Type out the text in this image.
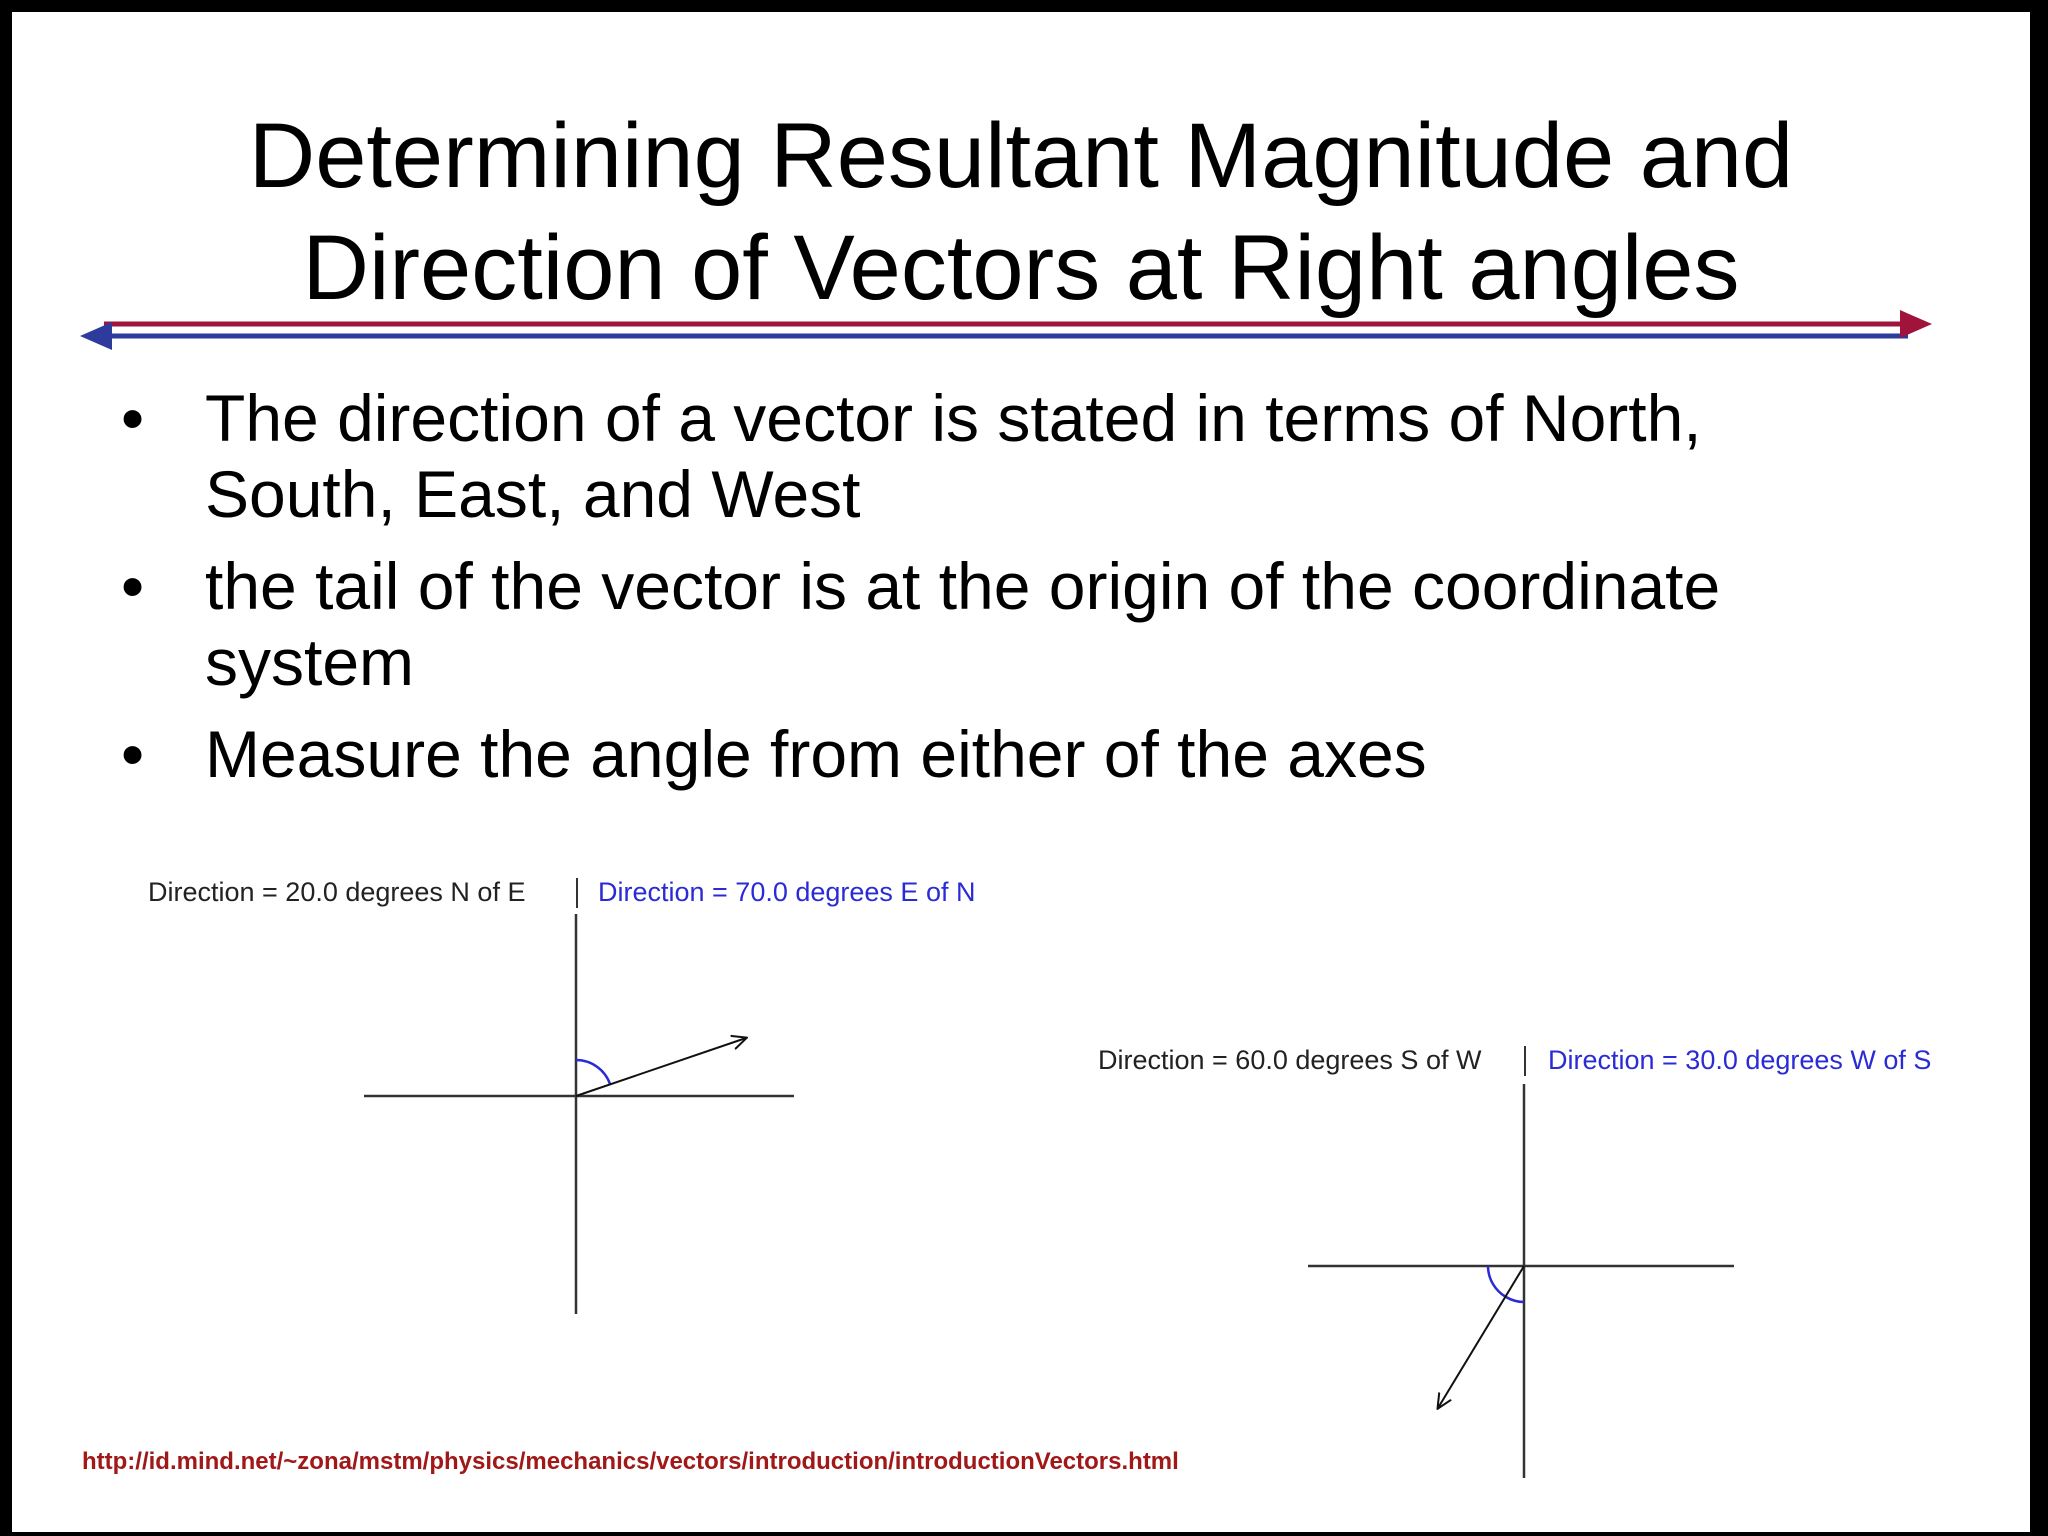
Determining Resultant Magnitude and
Direction of Vectors at Right angles
• The direction of a vector is stated in terms of North,
South, East, and West
• the tail of the vector is at the origin of the coordinate
system
• Measure the angle from either of the axes
Direction = 20.0 degrees N of E	Direction = 70.0 degrees E of N
Direction = 60.0 degrees S of W Direction = 30.0 degrees W of S
http://id.mind.net/~zona/mstm/physics/mechanics/vectors/introduction/introductionVectors.html
